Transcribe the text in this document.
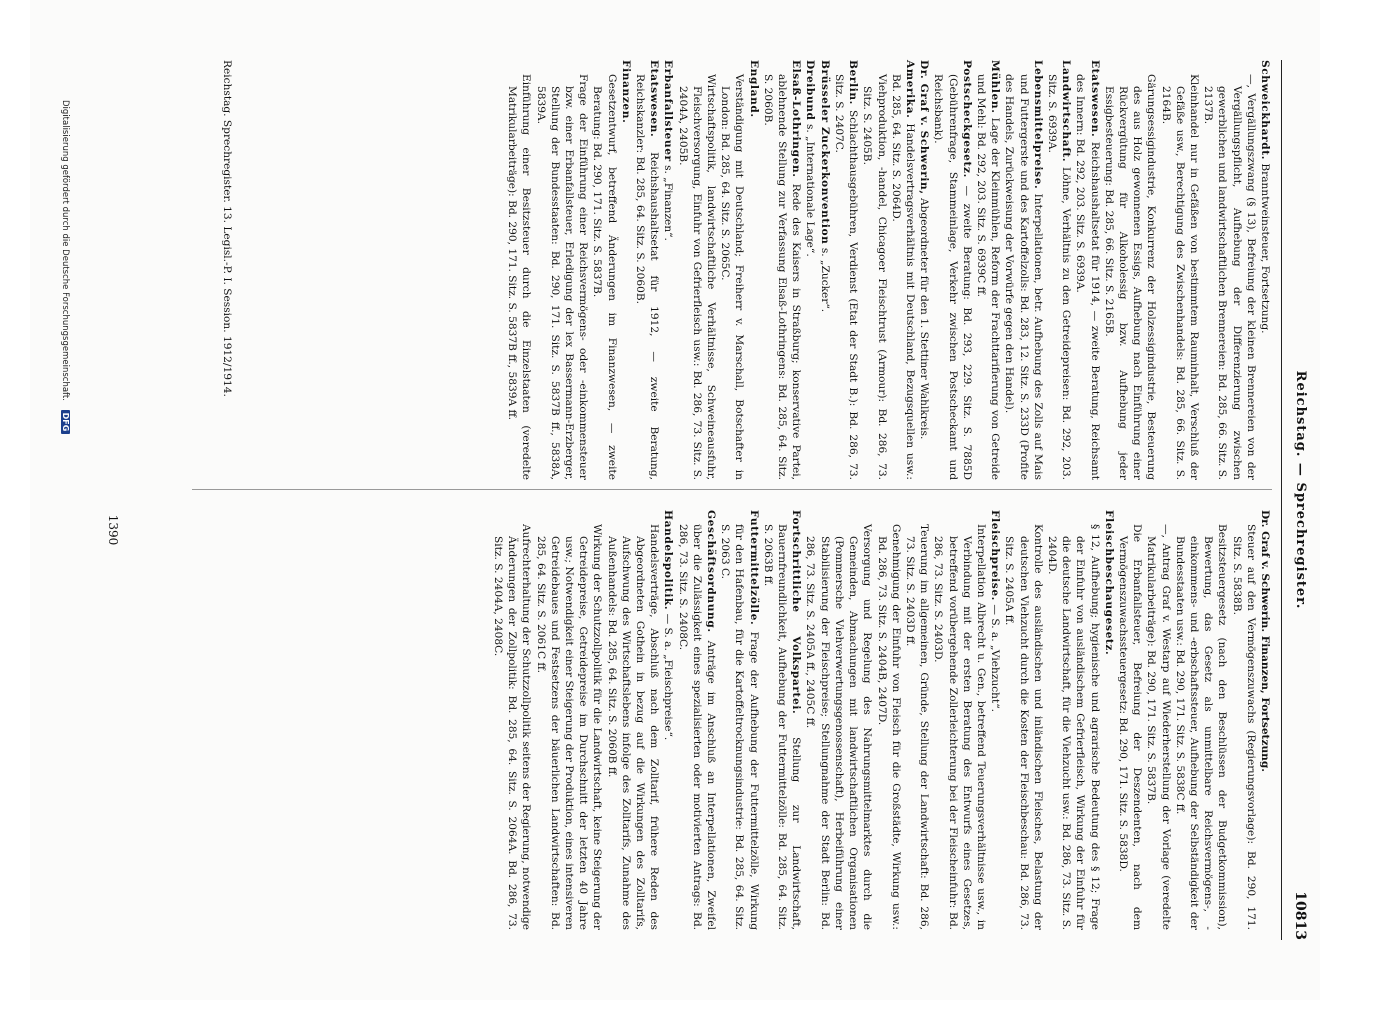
Reichstag. — Sprechregister.
10813

Schweickhardt. Branntweinsteuer, Fortsetzung.

—, Vergällungszwang (§ 13), Befreiung der kleinen Brennereien von der Vergällungspflicht, Aufhebung der Differenzierung zwischen gewerblichen und landwirtschaftlichen Brennereien: Bd. 285, 66. Sitz. S. 2137B.

Kleinhandel nur in Gefäßen von bestimmtem Rauminhalt, Verschluß der Gefäße usw., Berechtigung des Zwischenhandels: Bd. 285, 66. Sitz. S. 2164B.

Gärungsessigindustrie, Konkurrenz der Holzessigindustrie, Besteuerung des aus Holz gewonnenen Essigs, Aufhebung nach Einführung einer Rückvergütung für Alkoholessig bzw. Aufhebung jeder Essigbesteuerung: Bd. 285, 66. Sitz. S. 2165B.

Etatswesen. Reichshaushaltsetat für 1914, — zweite Beratung, Reichsamt des Innern: Bd. 292, 203. Sitz. S. 6939A.

Landwirtschaft. Löhne, Verhältnis zu den Getreidepreisen: Bd. 292, 203. Sitz. S. 6939A.

Lebensmittelpreise. Interpellationen, betr. Aufhebung des Zolls auf Mais und Futtergerste und des Kartoffelzolls: Bd. 283, 12. Sitz. S. 233D (Profite des Handels, Zurückweisung der Vorwürfe gegen den Handel).

Mühlen. Lage der Kleinmühlen, Reform der Frachttarifierung von Getreide und Mehl: Bd. 292, 203. Sitz. S. 6939C ff.

Postscheckgesetz. — zweite Beratung: Bd. 293, 229. Sitz. S. 7885D (Gebührenfrage, Stammeinlage, Verkehr zwischen Postscheckamt und Reichsbank).

Dr. Graf v. Schwerin, Abgeordneter für den 1. Stettiner Wahlkreis.

Amerika. Handelsvertragsverhältnis mit Deutschland, Bezugsquellen usw.: Bd. 285, 64. Sitz. S. 2064D.

Viehproduktion, -handel, Chicagoer Fleischtrust (Armour): Bd. 286, 73. Sitz. S. 2405B.

Berlin. Schlachthausgebühren, Verdienst (Etat der Stadt B.): Bd. 286, 73. Sitz. S. 2407C.

Brüsseler Zuckerkonvention s. „Zucker“.

Dreibund s. „Internationale Lage“.

Elsaß-Lothringen. Rede des Kaisers in Straßburg; konservative Partei, ablehnende Stellung zur Verfassung Elsaß-Lothringens: Bd. 285, 64. Sitz. S. 2060B.

England.

Verständigung mit Deutschland; Freiherr v. Marschall, Botschafter in London: Bd. 285, 64. Sitz. S. 2065C.

Wirtschaftspolitik, landwirtschaftliche Verhältnisse, Schweineausfuhr, Fleischversorgung, Einfuhr von Gefrierfleisch usw.: Bd. 286, 73. Sitz. S. 2404A, 2405B.

Erbanfallsteuer s. „Finanzen“.

Etatswesen. Reichshaushaltsetat für 1912, — zweite Beratung, Reichskanzler: Bd. 285, 64. Sitz. S. 2060B.

Finanzen.

Gesetzentwurf, betreffend Änderungen im Finanzwesen, — zweite Beratung: Bd. 290, 171. Sitz. S. 5837B.

Frage der Einführung einer Reichsvermögens- oder -einkommensteuer bzw. einer Erbanfallsteuer, Erledigung der lex Bassermann-Erzberger, Stellung der Bundesstaaten: Bd. 290, 171. Sitz. S. 5837B ff., 5838A, 5839A.

Einführung einer Besitzsteuer durch die Einzelstaaten (veredelte Matrikularbeiträge): Bd. 290, 171. Sitz. S. 5837B ff., 5839A ff.

Dr. Graf v. Schwerin. Finanzen, Fortsetzung.

Steuer auf den Vermögenszuwachs (Regierungsvorlage): Bd. 290, 171. Sitz. S. 5838B.

Besitzsteuergesetz (nach den Beschlüssen der Budgetkommission), Bewertung, das Gesetz als unmittelbare Reichsvermögens-, -einkommens- und -erbschaftssteuer, Aufhebung der Selbständigkeit der Bundesstaaten usw.: Bd. 290, 171. Sitz. S. 5838C ff.

—, Antrag Graf v. Westarp auf Wiederherstellung der Vorlage (veredelte Matrikularbeiträge): Bd. 290, 171. Sitz. S. 5837B.

Die Erbanfallsteuer, Befreiung der Deszendenten, nach dem Vermögenszuwachssteuergesetz: Bd. 290, 171. Sitz. S. 5838D.

Fleischbeschaugesetz.

§ 12, Aufhebung; hygienische und agrarische Bedeutung des § 12; Frage der Einfuhr von ausländischem Gefrierfleisch, Wirkung der Einfuhr für die deutsche Landwirtschaft, für die Viehzucht usw.: Bd. 286, 73. Sitz. S. 2404D.

Kontrolle des ausländischen und inländischen Fleisches, Belastung der deutschen Viehzucht durch die Kosten der Fleischbeschau: Bd. 286, 73. Sitz. S. 2405A ff.

Fleischpreise. — S. a. „Viehzucht“.

Interpellation Albrecht u. Gen., betreffend Teuerungsverhältnisse usw., in Verbindung mit der ersten Beratung des Entwurfs eines Gesetzes, betreffend vorübergehende Zollerleichterung bei der Fleischeinfuhr: Bd. 286, 73. Sitz. S. 2403D.

Teuerung im allgemeinen, Gründe, Stellung der Landwirtschaft: Bd. 286, 73. Sitz. S. 2403D ff.

Genehmigung der Einfuhr von Fleisch für die Großstädte, Wirkung usw.: Bd. 286, 73. Sitz. S. 2404B, 2407D.

Versorgung und Regelung des Nahrungsmittelmarktes durch die Gemeinden, Abmachungen mit landwirtschaftlichen Organisationen (Pommersche Viehverwertungsgenossenschaft), Herbeiführung einer Stabilisierung der Fleischpreise; Stellungnahme der Stadt Berlin: Bd. 286, 73. Sitz. S. 2405A ff., 2405C ff.

Fortschrittliche Volkspartei. Stellung zur Landwirtschaft, Bauernfreundlichkeit, Aufhebung der Futtermittelzölle: Bd. 285, 64. Sitz. S. 2063B ff.

Futtermittelzölle. Frage der Aufhebung der Futtermittelzölle, Wirkung für den Hafenbau, für die Kartoffeltrocknungsindustrie: Bd. 285, 64. Sitz. S. 2063 C.

Geschäftsordnung. Anträge im Anschluß an Interpellationen, Zweifel über die Zulässigkeit eines spezialisierten oder motivierten Antrags: Bd. 286, 73. Sitz. S. 2408C.

Handelspolitik. — S. a. „Fleischpreise“.

Handelsverträge, Abschluß nach dem Zolltarif, frühere Reden des Abgeordneten Gothein in bezug auf die Wirkungen des Zolltarifs, Aufschwung des Wirtschaftslebens infolge des Zolltarifs, Zunahme des Außenhandels: Bd. 285, 64. Sitz. S. 2060B ff.

Wirkung der Schutzzollpolitik für die Landwirtschaft, keine Steigerung der Getreidepreise, Getreidepreise im Durchschnitt der letzten 40 Jahre usw.; Notwendigkeit einer Steigerung der Produktion, eines intensiveren Getreidebaues und Festsetzens der bäuerlichen Landwirtschaften: Bd. 285, 64. Sitz. S. 2061C ff.

Aufrechterhaltung der Schutzzollpolitik seitens der Regierung, notwendige Änderungen der Zollpolitik: Bd. 285, 64. Sitz. S. 2064A. Bd. 286, 73. Sitz. S. 2404A, 2408C.

Reichstag. Sprechregister. 13. Legisl.-P. I. Session. 1912/1914.
1390
Digitalisierung gefördert durch die Deutsche Forschungsgemeinschaft. DFG
